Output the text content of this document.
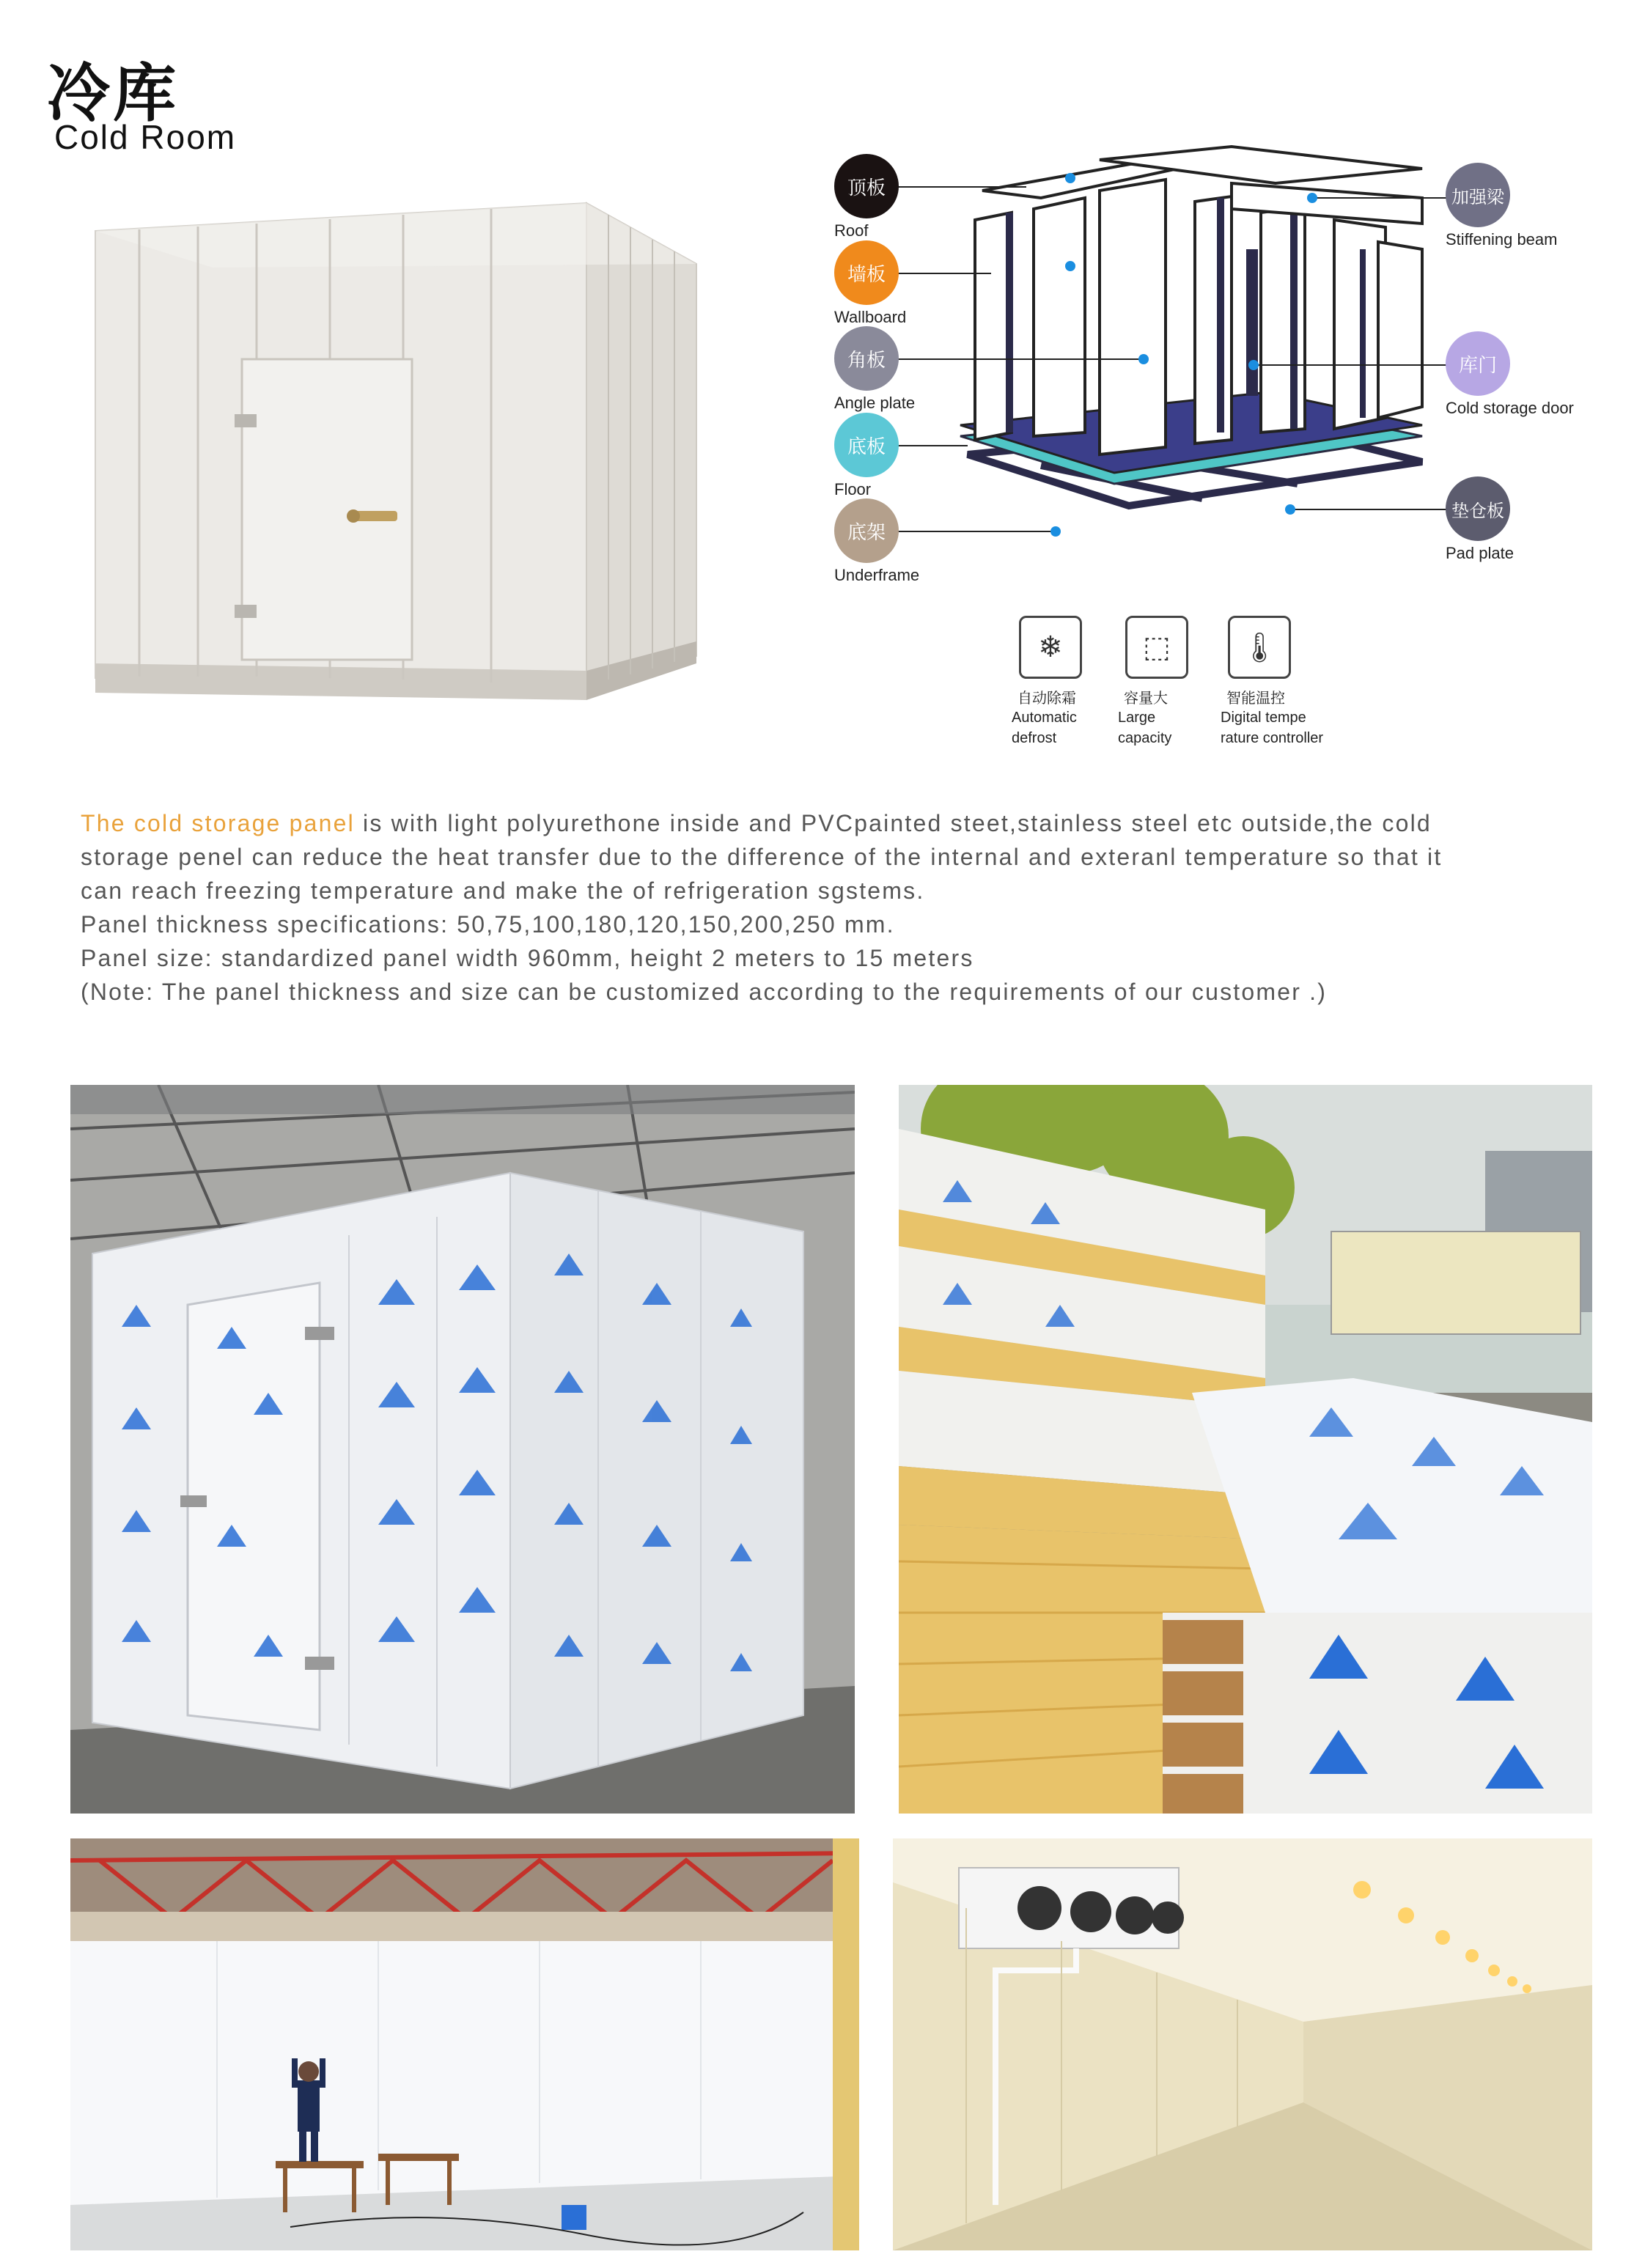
冷库
Cold Room
顶板
Roof
墙板
Wallboard
角板
Angle plate
底板
Floor
底架
Underframe
加强梁
Stiffening beam
库门
Cold storage door
垫仓板
Pad plate
❄
自动除霜
Automatic
defrost
⬚
容量大
Large
capacity
🌡
智能温控
Digital tempe
rature controller

The cold storage panel is with light polyurethone inside and PVCpainted steet,stainless steel etc outside,the cold

storage penel can reduce the heat transfer due to the difference of the internal and exteranl temperature so that it

can reach freezing temperature and make the of refrigeration sgstems.

Panel thickness specifications: 50,75,100,180,120,150,200,250 mm.

Panel size: standardized panel width 960mm, height 2 meters to 15 meters

(Note: The panel thickness and size can be customized according to the requirements of our customer .)
